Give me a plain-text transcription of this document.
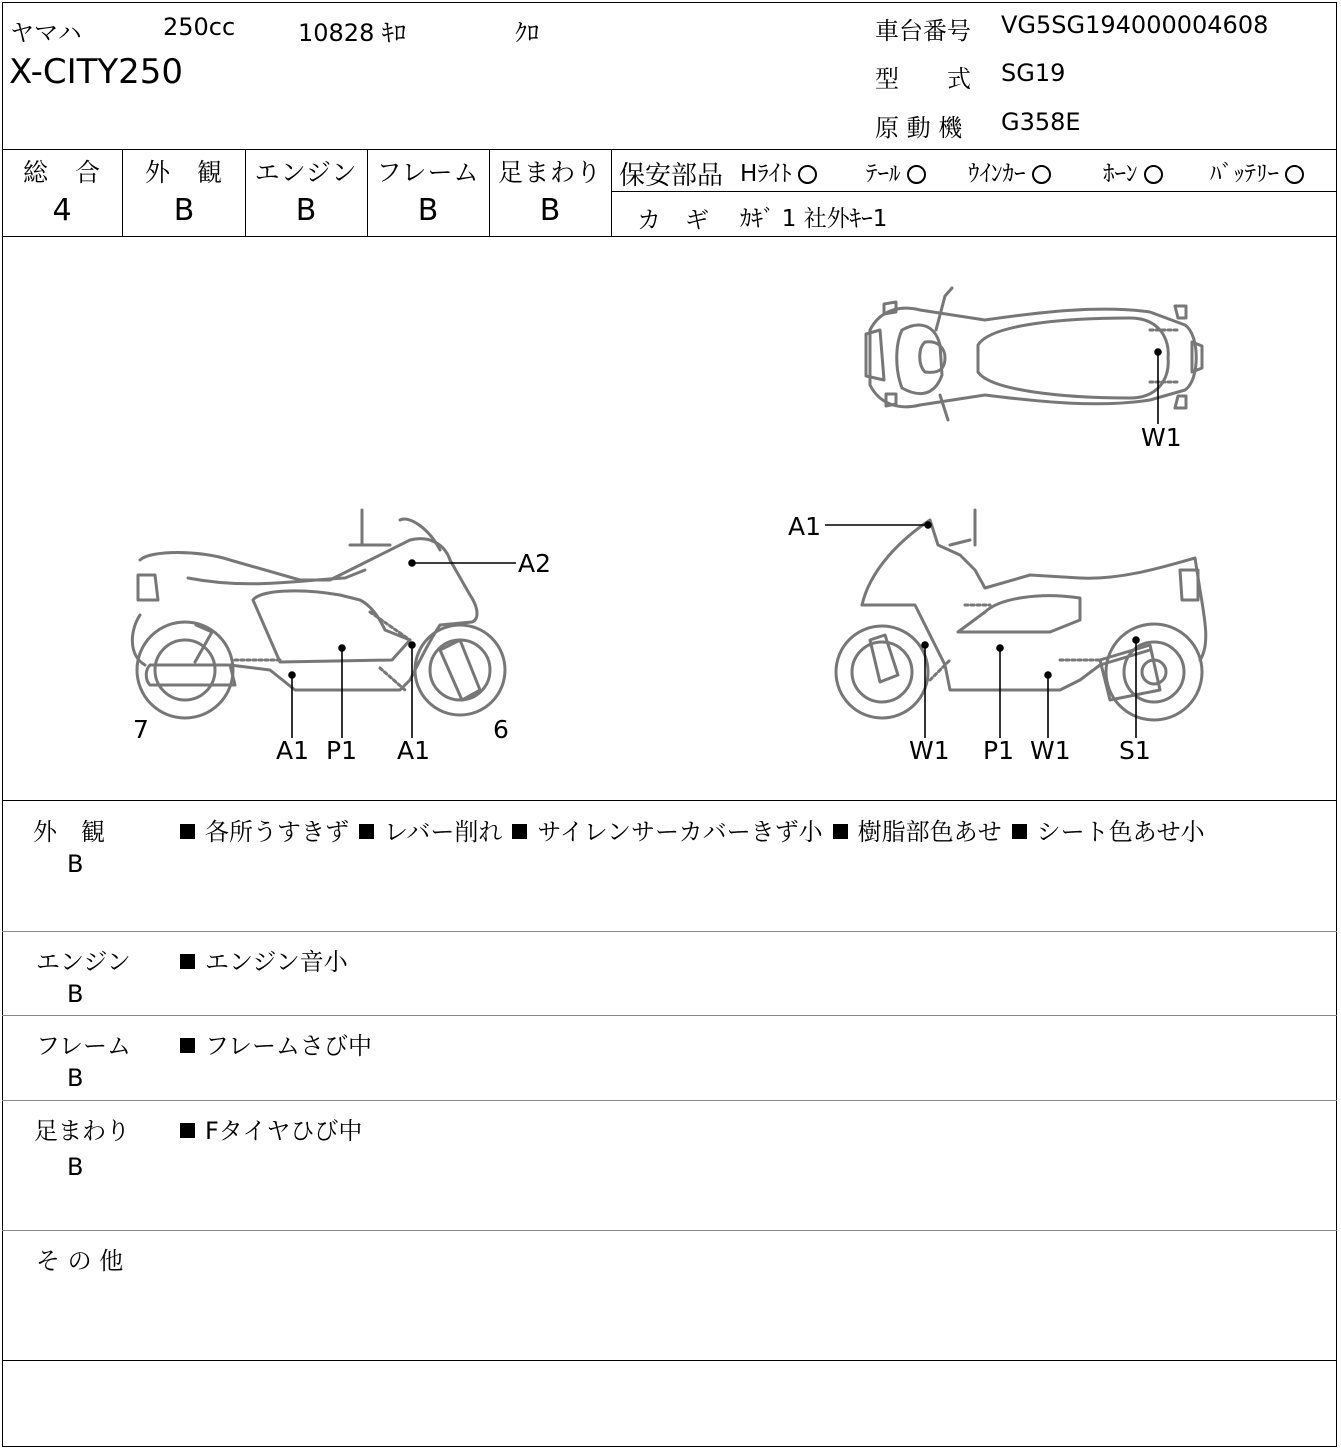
ヤマハ	250cc	10828 ｷﾛ	ｸﾛ
X-CITY250
車台番号 VG5SG194000004608
型　　式 SG19
原 動 機 G358E
総　合	外　観	エンジン フレーム 足まわり
4	B	B	B	B
保安部品 Hﾗｲﾄ	ﾃｰﾙ	ｳｲﾝｶｰ	ﾎｰﾝ	ﾊﾞｯﾃﾘｰ
カ　ギ ｶｷﾞ 1 社外ｷｰ1
W1
A2
7	6
A1 P1 A1
A1
W1 P1 W1 S1
外　観
B
各所うすきず レバー削れ サイレンサーカバーきず小 樹脂部色あせ シート色あせ小
エンジン
B
エンジン音小
フレーム
B
フレームさび中
足まわり
B
Fタイヤひび中
そ の 他
